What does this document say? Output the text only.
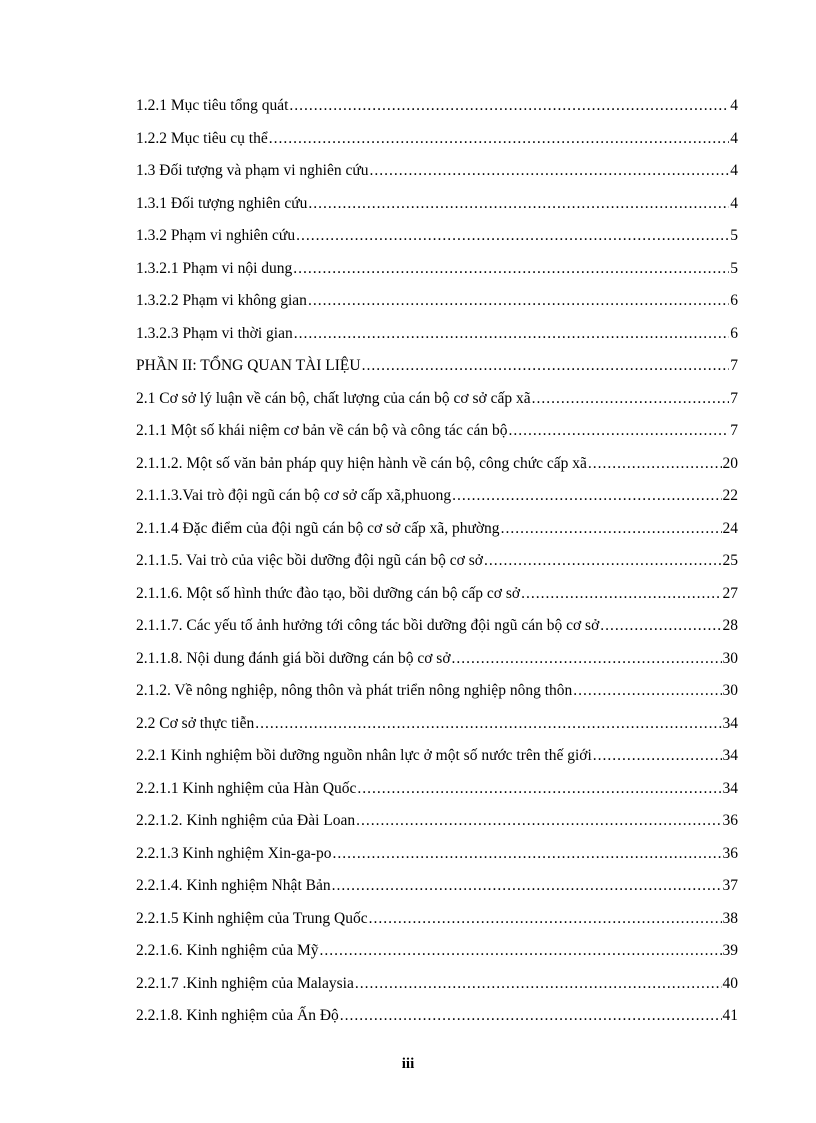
1.2.1 Mục tiêu tổng quát .....	4
1.2.2 Mục tiêu cụ thể .....	4
1.3 Đối tượng và phạm vi nghiên cứu .....	4
1.3.1 Đối tượng nghiên cứu .....	4
1.3.2 Phạm vi nghiên cứu .....	5
1.3.2.1 Phạm vi nội dung .....	5
1.3.2.2 Phạm vi không gian .....	6
1.3.2.3 Phạm vi thời gian .....	6
PHẦN II: TỔNG QUAN TÀI LIỆU .....	7
2.1 Cơ sở lý luận về cán bộ, chất lượng của cán bộ cơ sở cấp xã .....	7
2.1.1 Một số khái niệm cơ bản về cán bộ và công tác cán bộ .....	7
2.1.1.2. Một số văn bản pháp quy hiện hành về cán bộ, công chức cấp xã .....	20
2.1.1.3.Vai trò đội ngũ cán bộ cơ sở cấp xã,phuong .....	22
2.1.1.4 Đặc điểm của đội ngũ cán bộ cơ sở cấp xã, phường .....	24
2.1.1.5. Vai trò của việc bồi dưỡng đội ngũ cán bộ cơ sở .....	25
2.1.1.6. Một số hình thức đào tạo, bồi dưỡng cán bộ cấp cơ sở .....	27
2.1.1.7. Các yếu tố ảnh hưởng tới công tác bồi dưỡng đội ngũ cán bộ cơ sở .....	28
2.1.1.8. Nội dung đánh giá bồi dưỡng cán bộ cơ sở .....	30
2.1.2. Về nông nghiệp, nông thôn và phát triển nông nghiệp nông thôn .....	30
2.2 Cơ sở thực tiễn .....	34
2.2.1 Kinh nghiệm bồi dưỡng nguồn nhân lực ở một số nước trên thế giới .....	34
2.2.1.1 Kinh nghiệm của Hàn Quốc .....	34
2.2.1.2. Kinh nghiệm của Đài Loan .....	36
2.2.1.3 Kinh nghiệm Xin-ga-po .....	36
2.2.1.4. Kinh nghiệm Nhật Bản .....	37
2.2.1.5 Kinh nghiệm của Trung Quốc .....	38
2.2.1.6. Kinh nghiệm của Mỹ .....	39
2.2.1.7 .Kinh nghiệm của Malaysia .....	40
2.2.1.8. Kinh nghiệm của Ấn Độ .....	41
iii
